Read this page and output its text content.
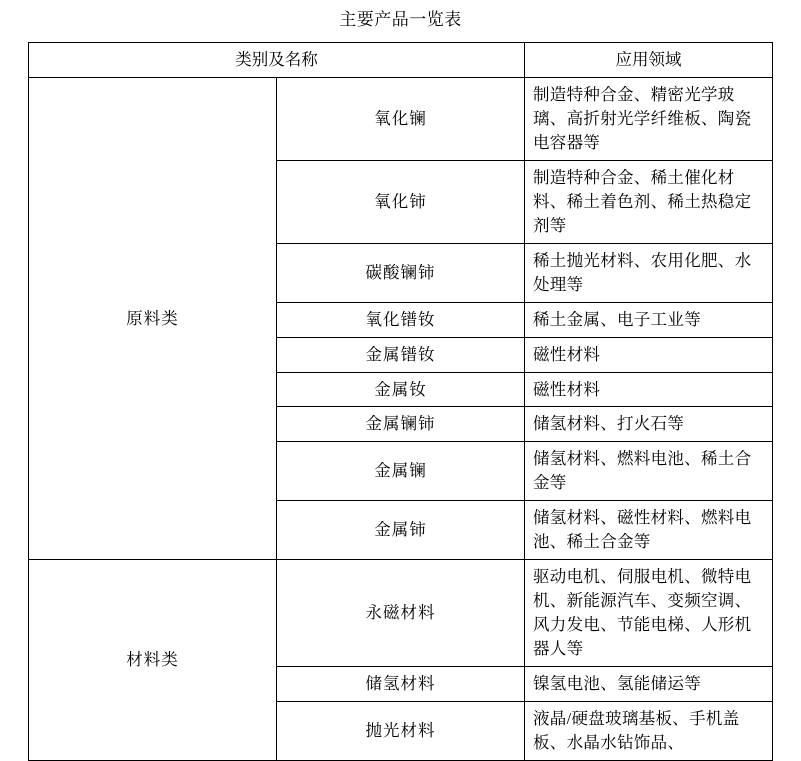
主要产品一览表
类别及名称		应用领域
原料类	氧化镧	制造特种合金、精密光学玻璃、高折射光学纤维板、陶瓷电容器等
	氧化铈	制造特种合金、稀土催化材料、稀土着色剂、稀土热稳定剂等
	碳酸镧铈	稀土抛光材料、农用化肥、水处理等
	氧化镨钕	稀土金属、电子工业等
	金属镨钕	磁性材料
	金属钕	磁性材料
	金属镧铈	储氢材料、打火石等
	金属镧	储氢材料、燃料电池、稀土合金等
	金属铈	储氢材料、磁性材料、燃料电池、稀土合金等
材料类	永磁材料	驱动电机、伺服电机、微特电机、新能源汽车、变频空调、风力发电、节能电梯、人形机器人等
	储氢材料	镍氢电池、氢能储运等
	抛光材料	液晶/硬盘玻璃基板、手机盖板、水晶水钻饰品、
